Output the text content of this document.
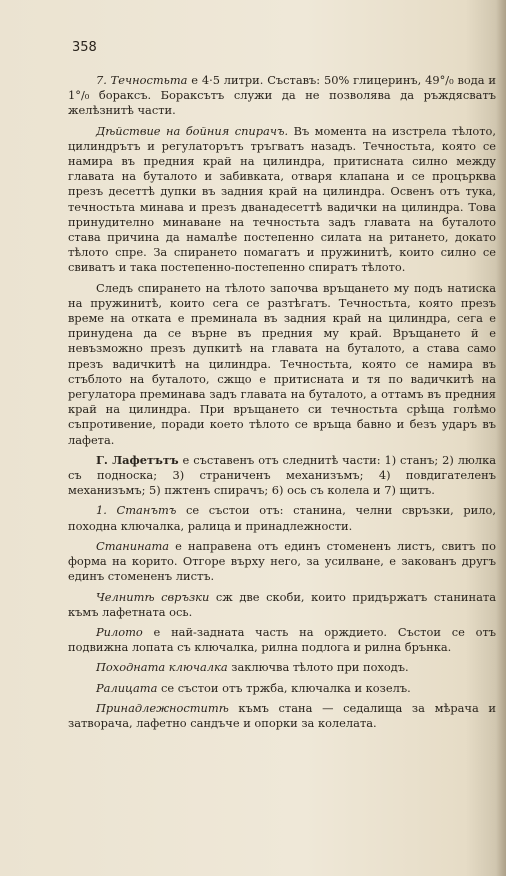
358

7. Течностьта е 4·5 литри. Съставъ: 50% глицеринъ, 49°/₀ вода и 1°/₀ бораксъ. Бораксътъ служи да не позволява да ръждясватъ желѣзнитѣ части.

Дѣйствие на бойния спирачъ. Въ момента на изстрела тѣлото, цилиндрътъ и регулаторътъ тръгватъ назадъ. Течностьта, която се намира въ предния край на цилиндра, притисната силно между главата на буталото и забивката, отваря клапана и се процърква презъ десеттѣ дупки въ задния край на цилиндра. Освенъ отъ тука, течностьта минава и презъ дванадесеттѣ вадички на цилиндра. Това принудително минаване на течностьта задъ главата на буталото става причина да намалѣе постепенно силата на ритането, докато тѣлото спре. За спирането помагатъ и пружинитѣ, които силно се свиватъ и така постепенно-постепенно спиратъ тѣлото.

Следъ спирането на тѣлото започва връщането му подъ натиска на пружинитѣ, които сега се разтѣгатъ. Течностьта, която презъ време на отката е преминала въ задния край на цилиндра, сега е принудена да се върне въ предния му край. Връщането й е невъзможно презъ дупкитѣ на главата на буталото, а става само презъ вадичкитѣ на цилиндра. Течностьта, която се намира въ стъблото на буталото, сжщо е притисната и тя по вадичкитѣ на регулатора преминава задъ главата на буталото, а оттамъ въ предния край на цилиндра. При връщането си течностьта срѣща голѣмо съпротивение, поради което тѣлото се връща бавно и безъ ударъ въ лафета.

Г. Лафетътъ е съставенъ отъ следнитѣ части: 1) станъ; 2) люлка съ подноска; 3) страниченъ механизъмъ; 4) повдигателенъ механизъмъ; 5) пжтенъ спирачъ; 6) ось съ колела и 7) щитъ.

1. Станътъ се състои отъ: станина, челни свръзки, рило, походна ключалка, ралица и принадлежности.

Станината е направена отъ единъ стомененъ листъ, свитъ по форма на корито. Отгоре върху него, за усилване, е закованъ другъ единъ стомененъ листъ.

Челнитѣ свръзки сж две скоби, които придържатъ станината къмъ лафетната ось.

Рилото е най-задната часть на орждието. Състои се отъ подвижна лопата съ ключалка, рилна подлога и рилна брънка.

Походната ключалка заключва тѣлото при походъ.

Ралицата се състои отъ тржба, ключалка и козелъ.

Принадлежноститѣ къмъ стана — седалища за мѣрача и затворача, лафетно сандъче и опорки за колелата.
